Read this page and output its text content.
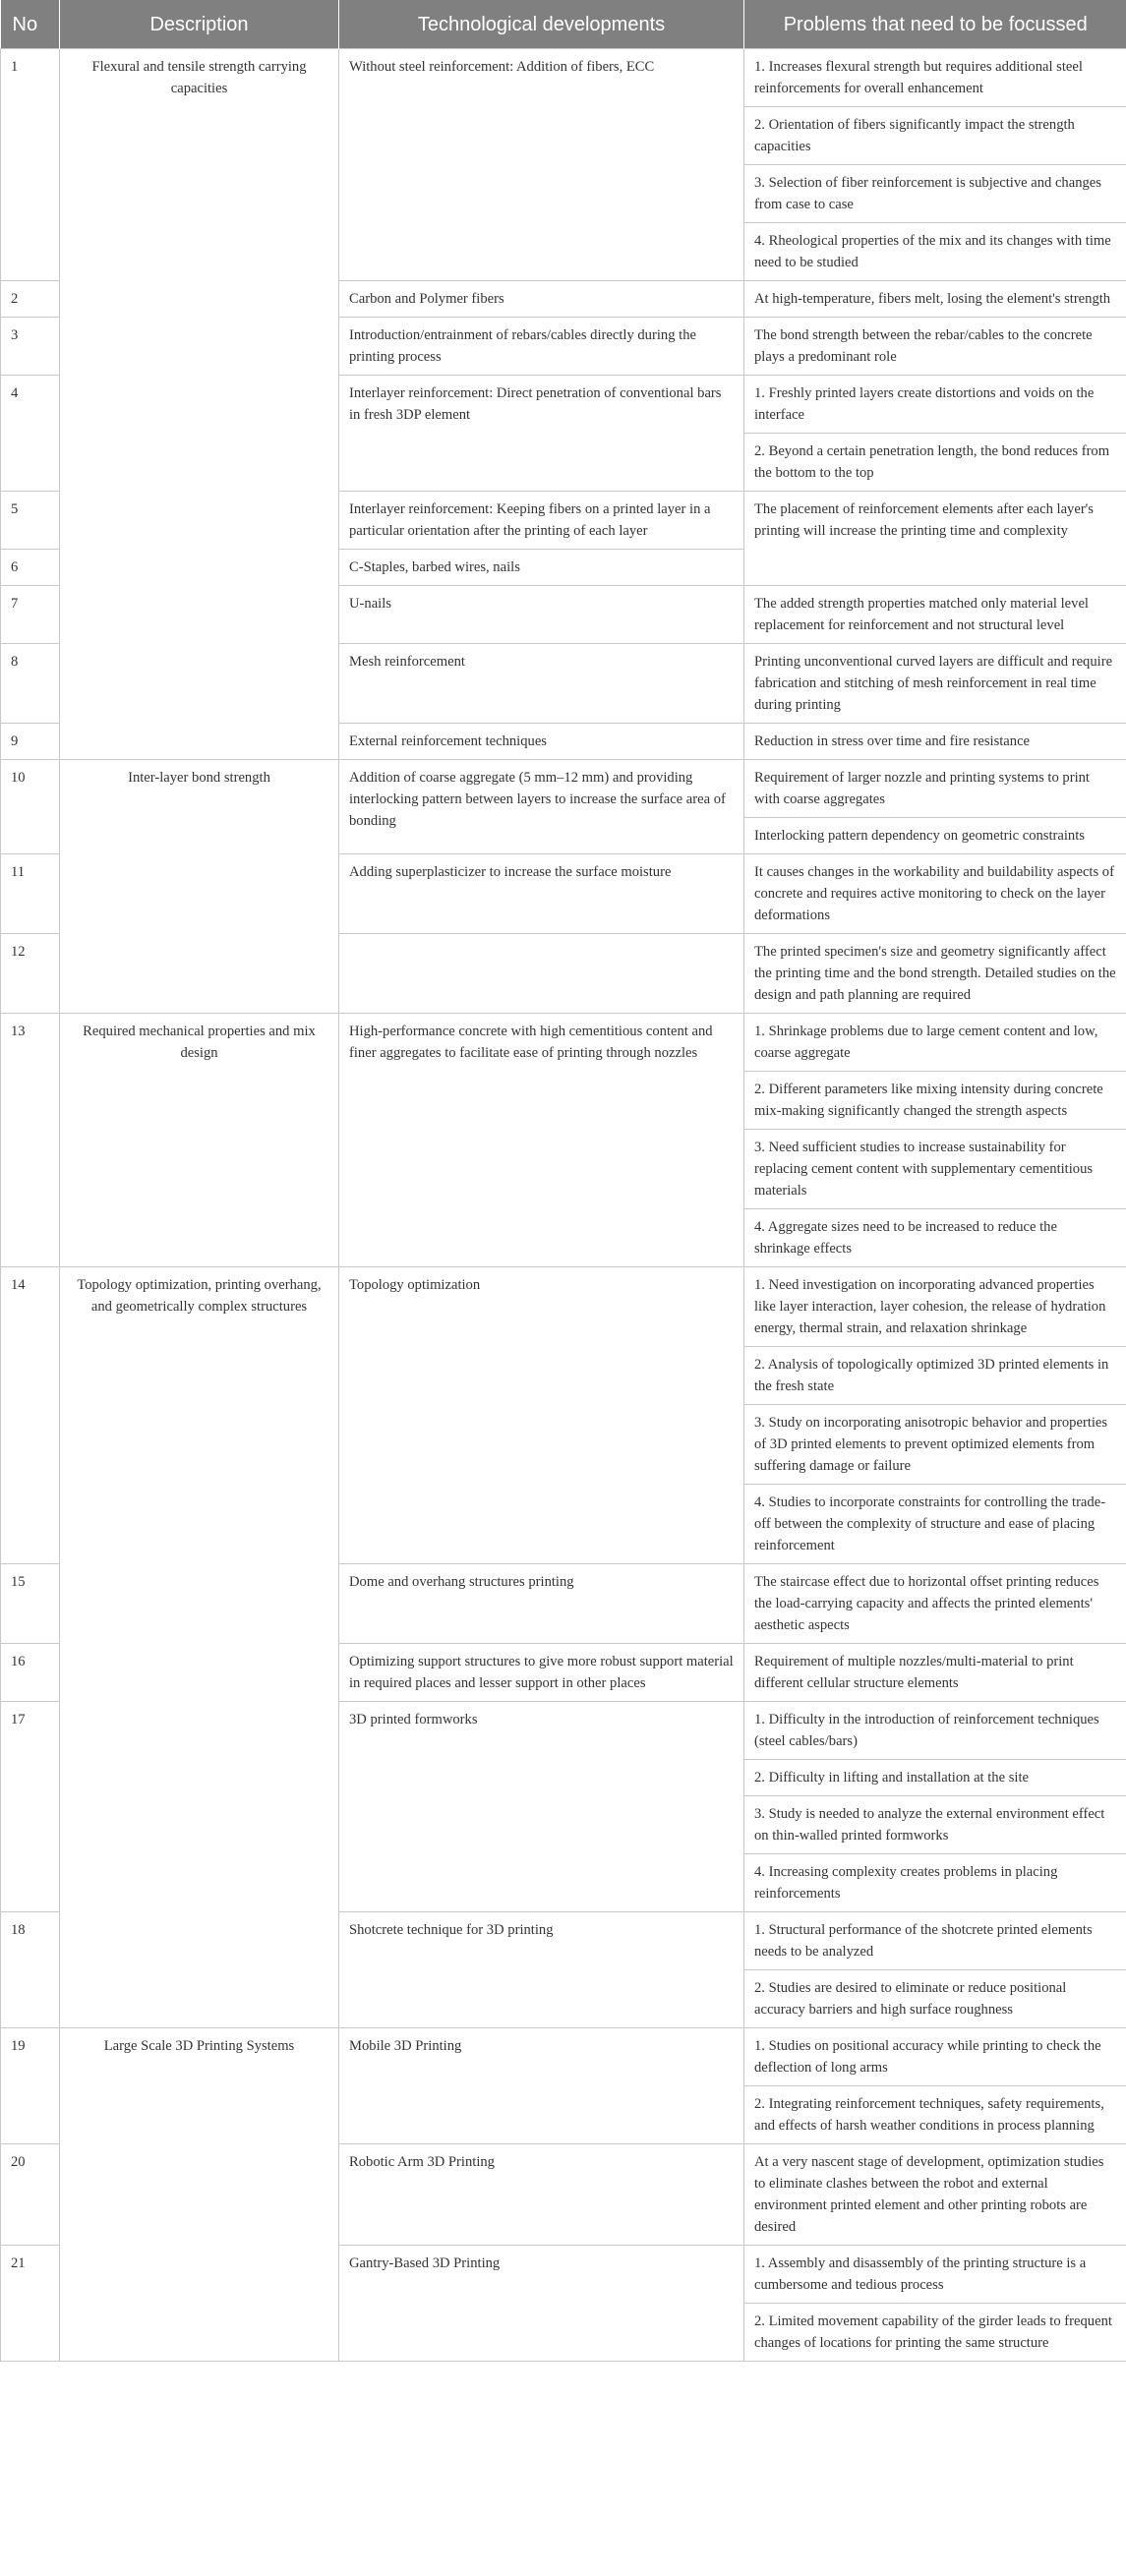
No	Description	Technological developments	Problems that need to be focussed
1	Flexural and tensile strength carrying capacities	Without steel reinforcement: Addition of fibers, ECC	1. Increases flexural strength but requires additional steel reinforcements for overall enhancement
			2. Orientation of fibers significantly impact the strength capacities
			3. Selection of fiber reinforcement is subjective and changes from case to case
			4. Rheological properties of the mix and its changes with time need to be studied
2		Carbon and Polymer fibers	At high-temperature, fibers melt, losing the element's strength
3		Introduction/entrainment of rebars/cables directly during the printing process	The bond strength between the rebar/cables to the concrete plays a predominant role
4		Interlayer reinforcement: Direct penetration of conventional bars in fresh 3DP element	1. Freshly printed layers create distortions and voids on the interface
			2. Beyond a certain penetration length, the bond reduces from the bottom to the top
5		Interlayer reinforcement: Keeping fibers on a printed layer in a particular orientation after the printing of each layer	The placement of reinforcement elements after each layer's printing will increase the printing time and complexity
6		C-Staples, barbed wires, nails	
7		U-nails	The added strength properties matched only material level replacement for reinforcement and not structural level
8		Mesh reinforcement	Printing unconventional curved layers are difficult and require fabrication and stitching of mesh reinforcement in real time during printing
9		External reinforcement techniques	Reduction in stress over time and fire resistance
10	Inter-layer bond strength	Addition of coarse aggregate (5 mm–12 mm) and providing interlocking pattern between layers to increase the surface area of bonding	Requirement of larger nozzle and printing systems to print with coarse aggregates
			Interlocking pattern dependency on geometric constraints
11		Adding superplasticizer to increase the surface moisture	It causes changes in the workability and buildability aspects of concrete and requires active monitoring to check on the layer deformations
12			The printed specimen's size and geometry significantly affect the printing time and the bond strength. Detailed studies on the design and path planning are required
13	Required mechanical properties and mix design	High-performance concrete with high cementitious content and finer aggregates to facilitate ease of printing through nozzles	1. Shrinkage problems due to large cement content and low, coarse aggregate
			2. Different parameters like mixing intensity during concrete mix-making significantly changed the strength aspects
			3. Need sufficient studies to increase sustainability for replacing cement content with supplementary cementitious materials
			4. Aggregate sizes need to be increased to reduce the shrinkage effects
14	Topology optimization, printing overhang, and geometrically complex structures	Topology optimization	1. Need investigation on incorporating advanced properties like layer interaction, layer cohesion, the release of hydration energy, thermal strain, and relaxation shrinkage
			2. Analysis of topologically optimized 3D printed elements in the fresh state
			3. Study on incorporating anisotropic behavior and properties of 3D printed elements to prevent optimized elements from suffering damage or failure
			4. Studies to incorporate constraints for controlling the trade-off between the complexity of structure and ease of placing reinforcement
15		Dome and overhang structures printing	The staircase effect due to horizontal offset printing reduces the load-carrying capacity and affects the printed elements' aesthetic aspects
16		Optimizing support structures to give more robust support material in required places and lesser support in other places	Requirement of multiple nozzles/multi-material to print different cellular structure elements
17		3D printed formworks	1. Difficulty in the introduction of reinforcement techniques (steel cables/bars)
			2. Difficulty in lifting and installation at the site
			3. Study is needed to analyze the external environment effect on thin-walled printed formworks
			4. Increasing complexity creates problems in placing reinforcements
18		Shotcrete technique for 3D printing	1. Structural performance of the shotcrete printed elements needs to be analyzed
			2. Studies are desired to eliminate or reduce positional accuracy barriers and high surface roughness
19	Large Scale 3D Printing Systems	Mobile 3D Printing	1. Studies on positional accuracy while printing to check the deflection of long arms
			2. Integrating reinforcement techniques, safety requirements, and effects of harsh weather conditions in process planning
20		Robotic Arm 3D Printing	At a very nascent stage of development, optimization studies to eliminate clashes between the robot and external environment printed element and other printing robots are desired
21		Gantry-Based 3D Printing	1. Assembly and disassembly of the printing structure is a cumbersome and tedious process
			2. Limited movement capability of the girder leads to frequent changes of locations for printing the same structure
